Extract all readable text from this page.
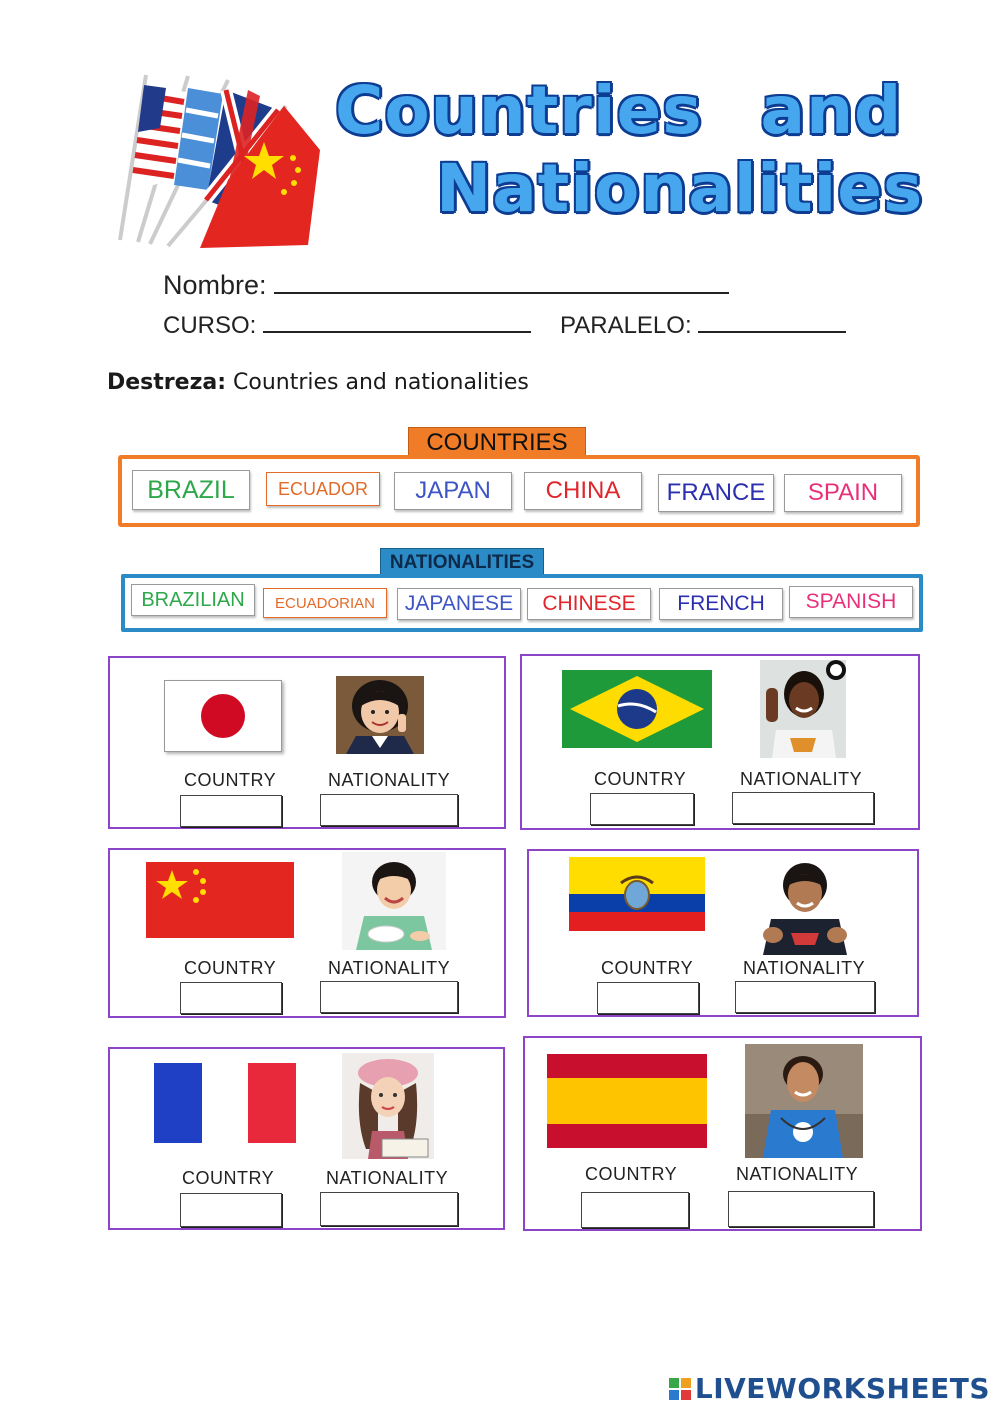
Countries and
Nationalities
Nombre:
CURSO:	PARALELO:
Destreza: Countries and nationalities
COUNTRIES
BRAZIL	ECUADOR	JAPAN	CHINA	FRANCE	SPAIN
NATIONALITIES
BRAZILIAN	ECUADORIAN	JAPANESE	CHINESE	FRENCH	SPANISH
COUNTRY	NATIONALITY	COUNTRY	NATIONALITY
COUNTRY	NATIONALITY	COUNTRY	NATIONALITY
COUNTRY	NATIONALITY	COUNTRY	NATIONALITY
LIVEWORKSHEETS
